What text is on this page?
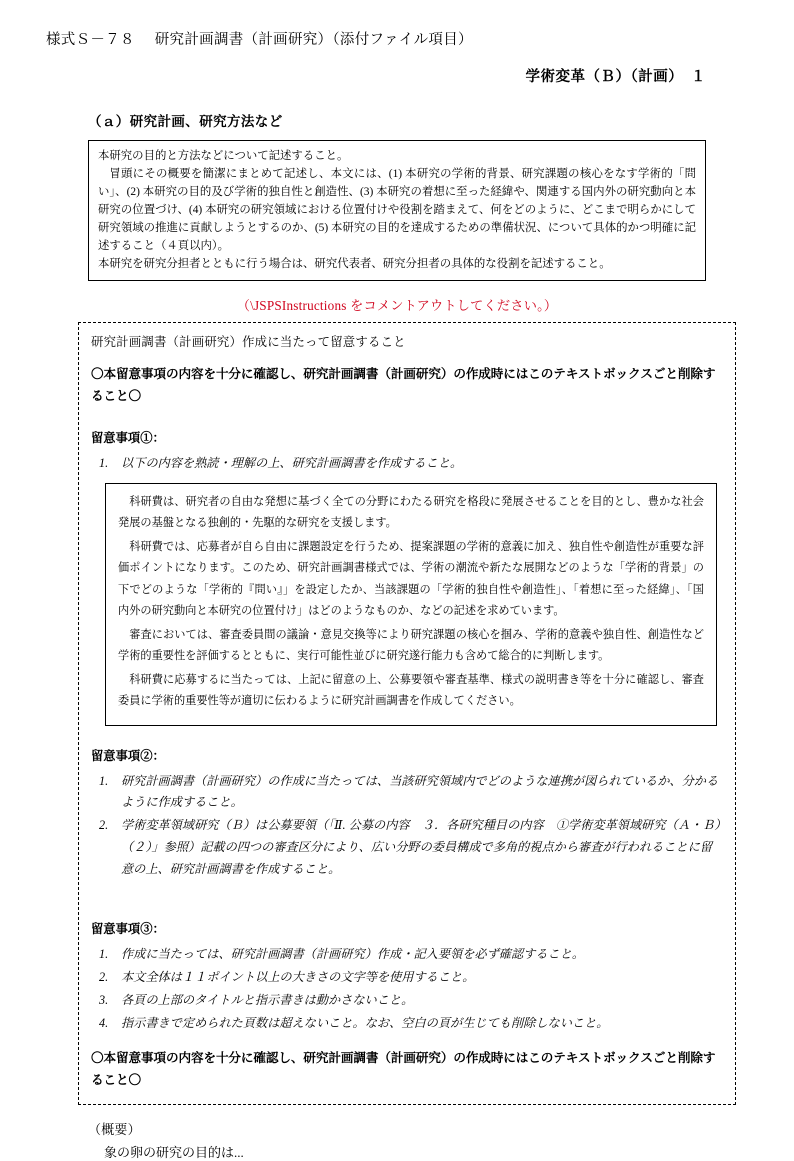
様式Ｓ－７８ 研究計画調書（計画研究）（添付ファイル項目）
学術変革（Ｂ）（計画）　１
（ａ）研究計画、研究方法など

本研究の目的と方法などについて記述すること。

冒頭にその概要を簡潔にまとめて記述し、本文には、(1) 本研究の学術的背景、研究課題の核心をなす学術的「問い」、(2) 本研究の目的及び学術的独自性と創造性、(3) 本研究の着想に至った経緯や、関連する国内外の研究動向と本研究の位置づけ、(4) 本研究の研究領域における位置付けや役割を踏まえて、何をどのように、どこまで明らかにして研究領域の推進に貢献しようとするのか、(5) 本研究の目的を達成するための準備状況、について具体的かつ明確に記述すること（４頁以内）。

本研究を研究分担者とともに行う場合は、研究代表者、研究分担者の具体的な役割を記述すること。

（\JSPSInstructions をコメントアウトしてください。）
研究計画調書（計画研究）作成に当たって留意すること
〇本留意事項の内容を十分に確認し、研究計画調書（計画研究）の作成時にはこのテキストボックスごと削除すること〇
留意事項①：
以下の内容を熟読・理解の上、研究計画調書を作成すること。

科研費は、研究者の自由な発想に基づく全ての分野にわたる研究を格段に発展させることを目的とし、豊かな社会発展の基盤となる独創的・先駆的な研究を支援します。

科研費では、応募者が自ら自由に課題設定を行うため、提案課題の学術的意義に加え、独自性や創造性が重要な評価ポイントになります。このため、研究計画調書様式では、学術の潮流や新たな展開などのような「学術的背景」の下でどのような「学術的『問い』」を設定したか、当該課題の「学術的独自性や創造性」、「着想に至った経緯」、「国内外の研究動向と本研究の位置付け」はどのようなものか、などの記述を求めています。

審査においては、審査委員間の議論・意見交換等により研究課題の核心を掴み、学術的意義や独自性、創造性など学術的重要性を評価するとともに、実行可能性並びに研究遂行能力も含めて総合的に判断します。

科研費に応募するに当たっては、上記に留意の上、公募要領や審査基準、様式の説明書き等を十分に確認し、審査委員に学術的重要性等が適切に伝わるように研究計画調書を作成してください。

留意事項②：
研究計画調書（計画研究）の作成に当たっては、当該研究領域内でどのような連携が図られているか、分かるように作成すること。
学術変革領域研究（Ｂ）は公募要領（「Ⅱ. 公募の内容　３．各研究種目の内容　①学術変革領域研究（Ａ・Ｂ）（２）」参照）記載の四つの審査区分により、広い分野の委員構成で多角的視点から審査が行われることに留意の上、研究計画調書を作成すること。
留意事項③：
作成に当たっては、研究計画調書（計画研究）作成・記入要領を必ず確認すること。
本文全体は１１ポイント以上の大きさの文字等を使用すること。
各頁の上部のタイトルと指示書きは動かさないこと。
指示書きで定められた頁数は超えないこと。なお、空白の頁が生じても削除しないこと。
〇本留意事項の内容を十分に確認し、研究計画調書（計画研究）の作成時にはこのテキストボックスごと削除すること〇
（概要）
象の卵の研究の目的は...
